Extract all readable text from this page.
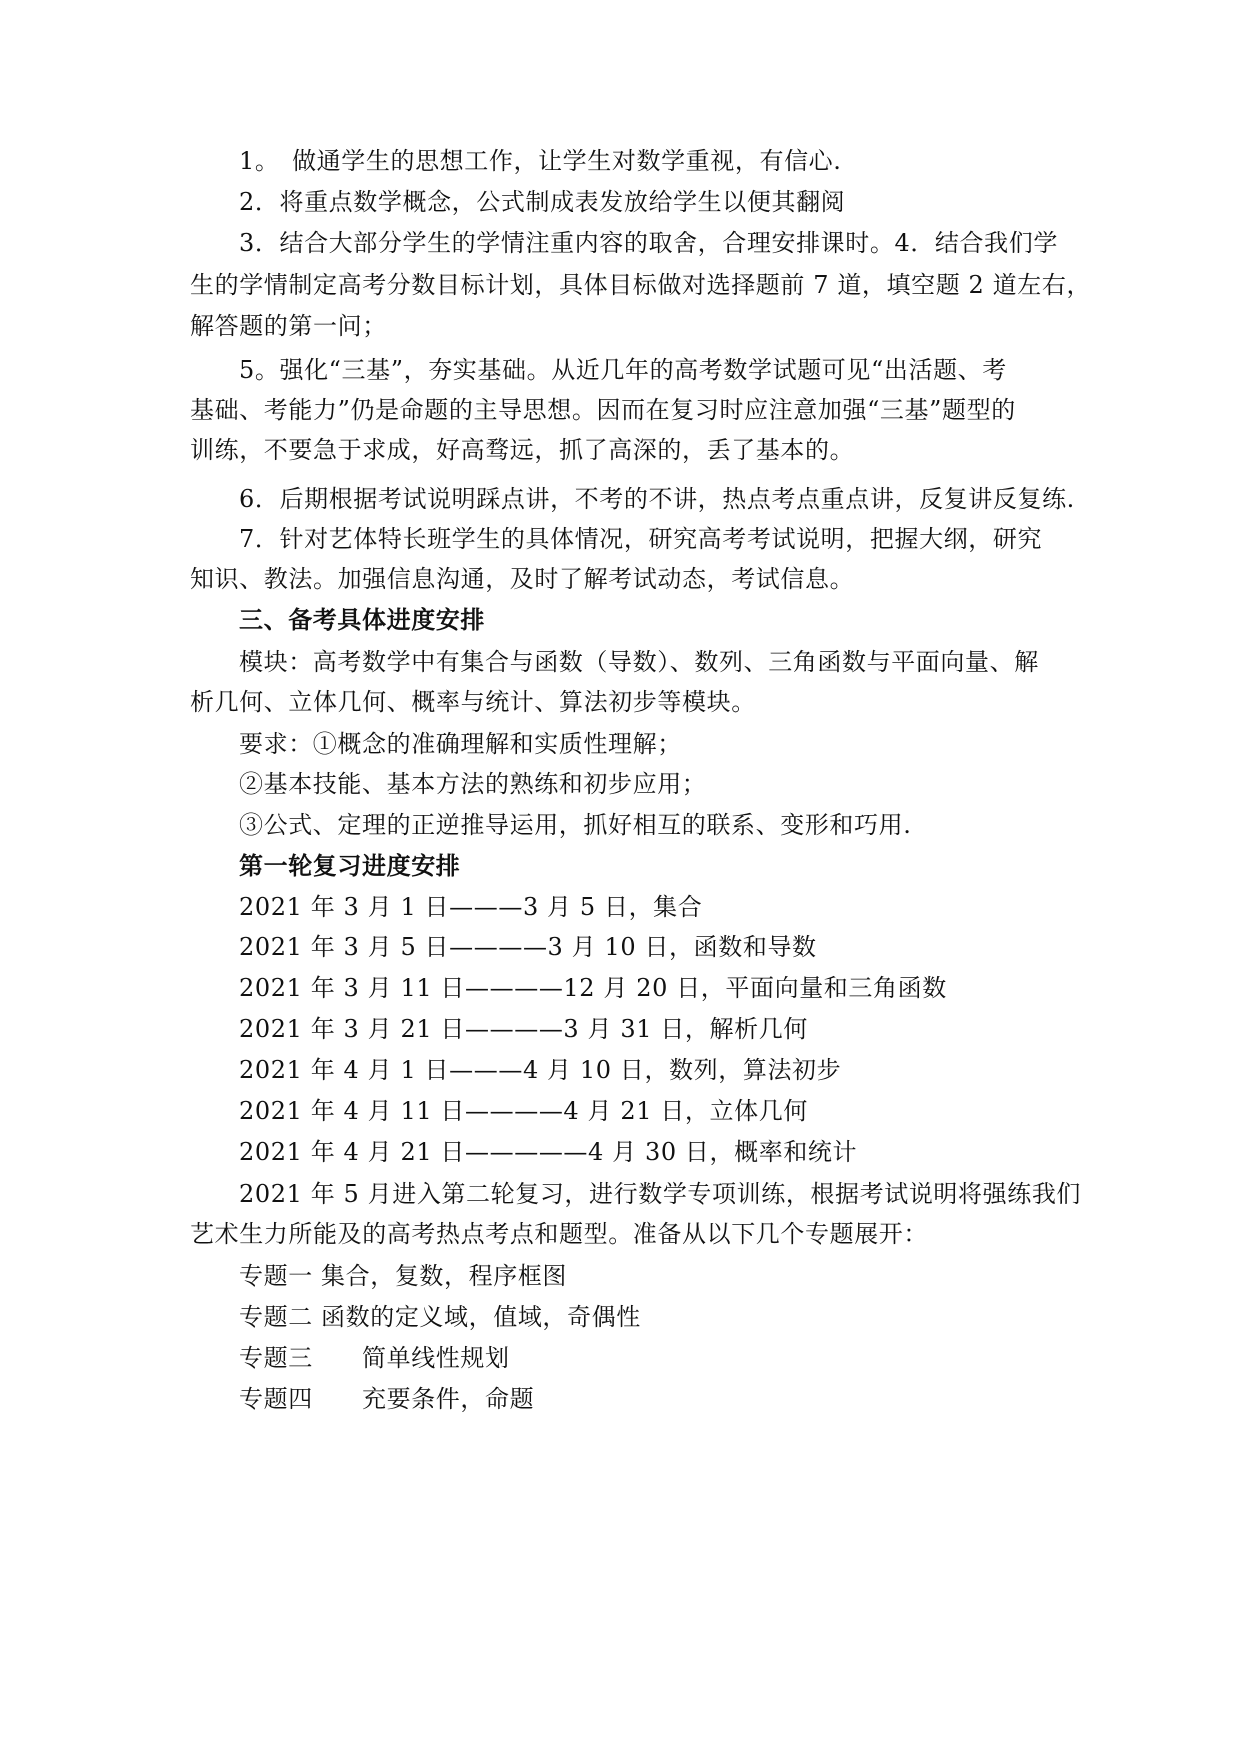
1。　做通学生的思想工作，让学生对数学重视，有信心.
2．将重点数学概念，公式制成表发放给学生以便其翻阅
3．结合大部分学生的学情注重内容的取舍，合理安排课时。4．结合我们学
生的学情制定高考分数目标计划，具体目标做对选择题前 7 道，填空题 2 道左右，
解答题的第一问；
5。强化“三基”，夯实基础。从近几年的高考数学试题可见“出活题、考
基础、考能力”仍是命题的主导思想。因而在复习时应注意加强“三基”题型的
训练，不要急于求成，好高骛远，抓了高深的，丢了基本的。
6．后期根据考试说明踩点讲，不考的不讲，热点考点重点讲，反复讲反复练.
7．针对艺体特长班学生的具体情况，研究高考考试说明，把握大纲，研究
知识、教法。加强信息沟通，及时了解考试动态，考试信息。
三、备考具体进度安排
模块：高考数学中有集合与函数（导数）、数列、三角函数与平面向量、解
析几何、立体几何、概率与统计、算法初步等模块。
要求：①概念的准确理解和实质性理解；
②基本技能、基本方法的熟练和初步应用；
③公式、定理的正逆推导运用，抓好相互的联系、变形和巧用.
第一轮复习进度安排
2021 年 3 月 1 日———3 月 5 日，集合
2021 年 3 月 5 日————3 月 10 日，函数和导数
2021 年 3 月 11 日————12 月 20 日，平面向量和三角函数
2021 年 3 月 21 日————3 月 31 日，解析几何
2021 年 4 月 1 日———4 月 10 日，数列，算法初步
2021 年 4 月 11 日————4 月 21 日，立体几何
2021 年 4 月 21 日—————4 月 30 日，概率和统计
2021 年 5 月进入第二轮复习，进行数学专项训练，根据考试说明将强练我们
艺术生力所能及的高考热点考点和题型。准备从以下几个专题展开：
专题一 集合，复数，程序框图
专题二 函数的定义域，值域，奇偶性
专题三　　简单线性规划
专题四　　充要条件，命题
